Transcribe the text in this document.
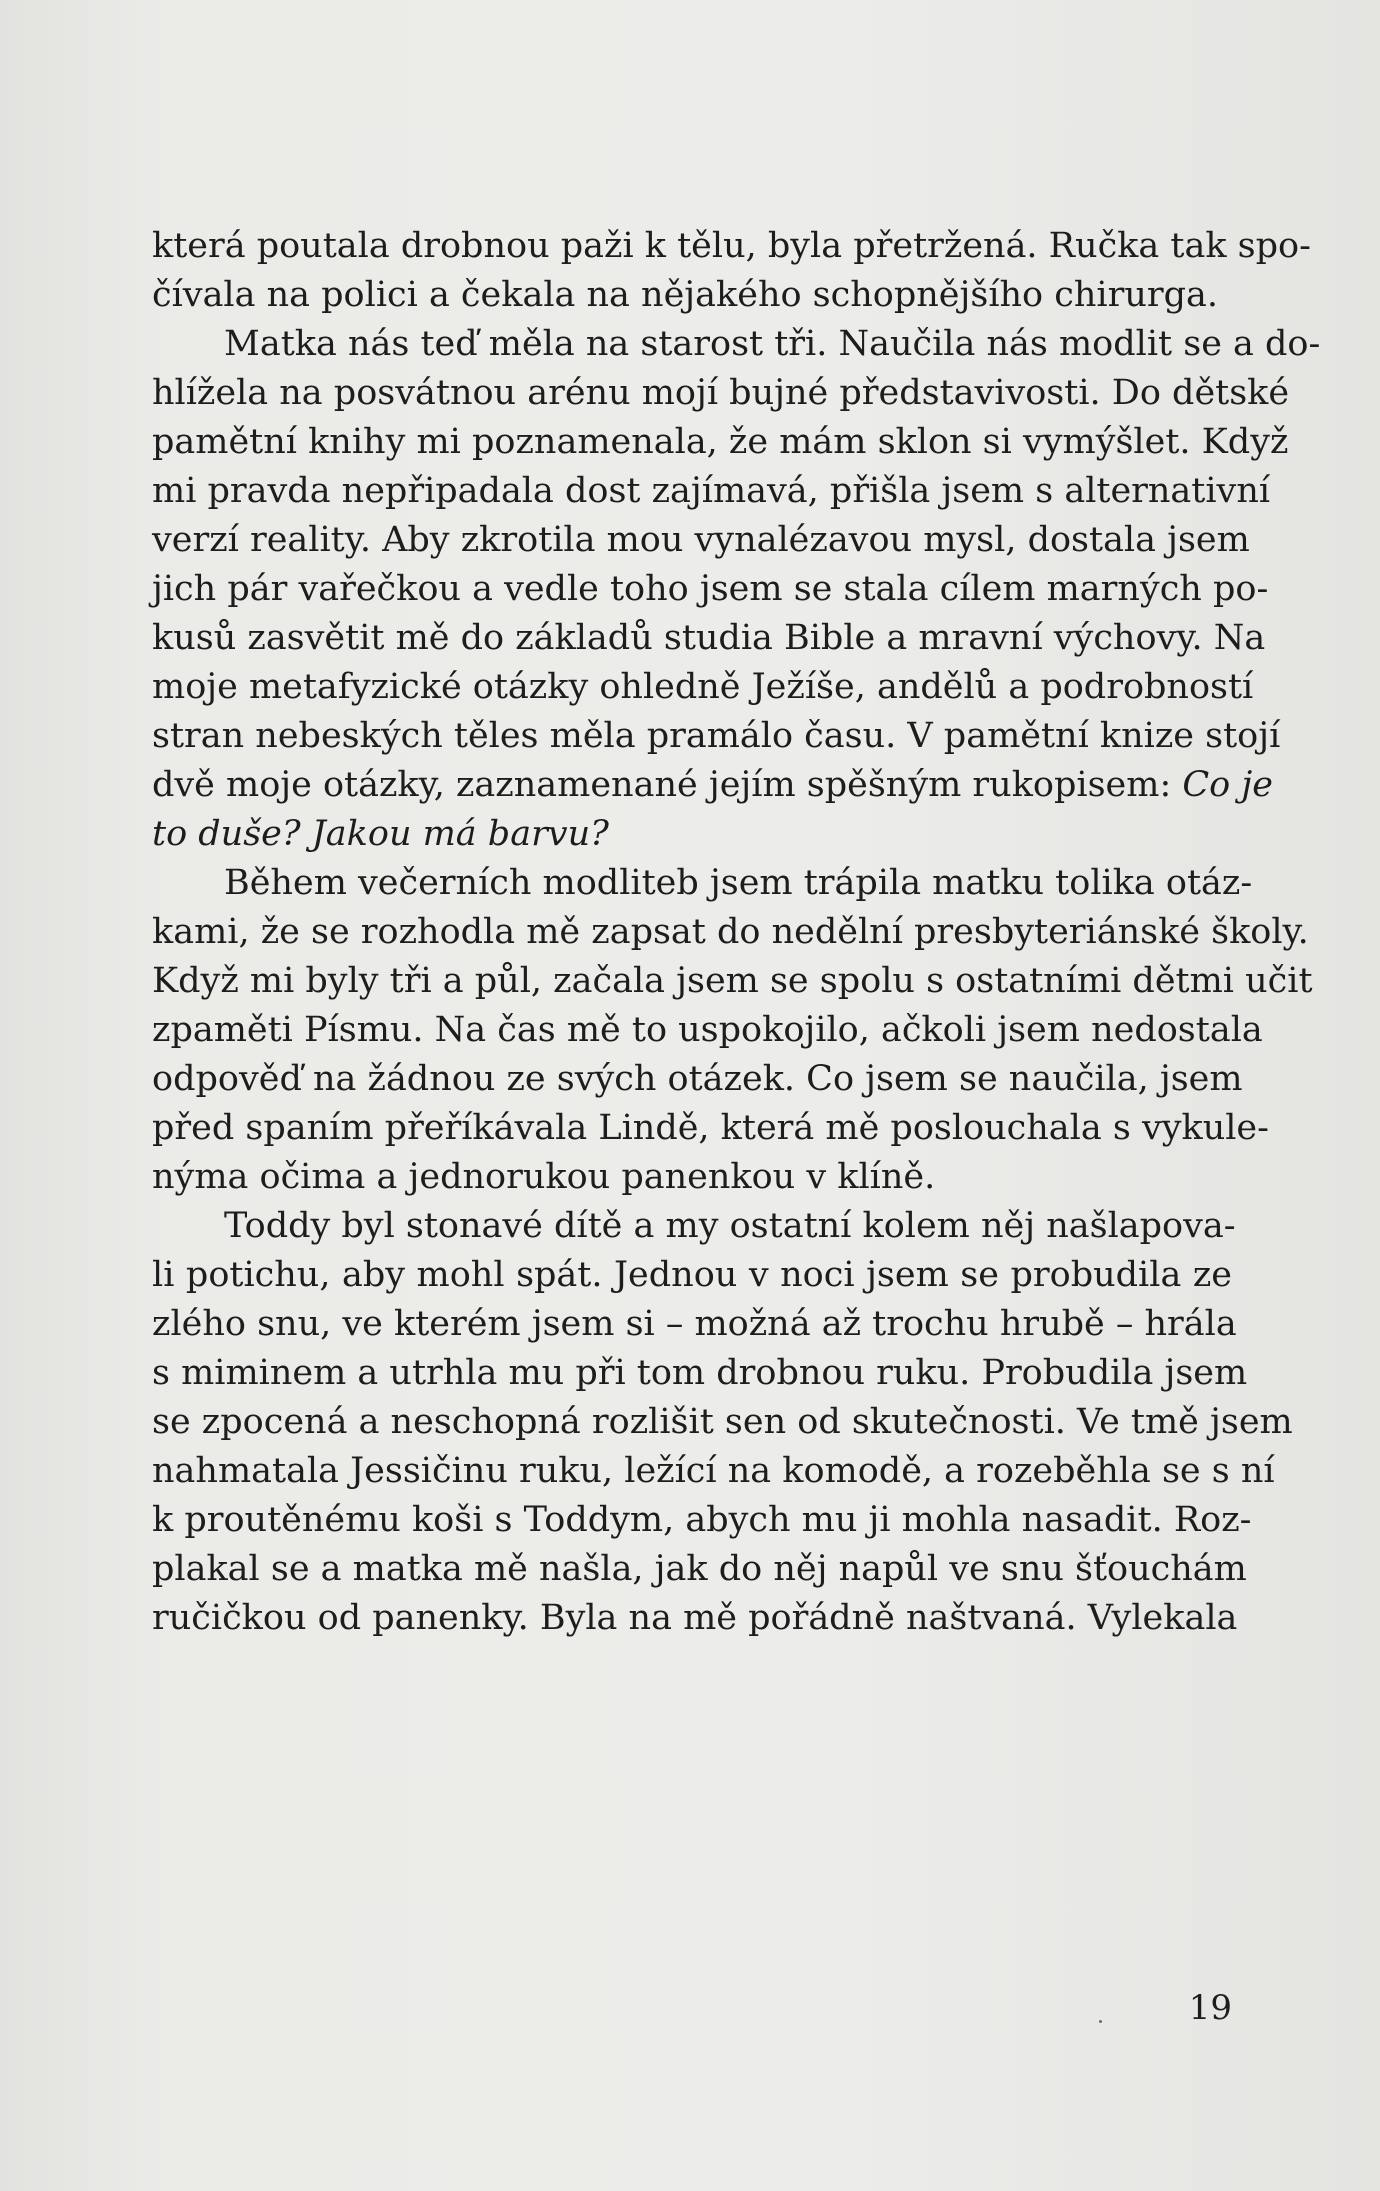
která poutala drobnou paži k tělu, byla přetržená. Ručka tak spo-
čívala na polici a čekala na nějakého schopnějšího chirurga.
Matka nás teď měla na starost tři. Naučila nás modlit se a do-
hlížela na posvátnou arénu mojí bujné představivosti. Do dětské
pamětní knihy mi poznamenala, že mám sklon si vymýšlet. Když
mi pravda nepřipadala dost zajímavá, přišla jsem s alternativní
verzí reality. Aby zkrotila mou vynalézavou mysl, dostala jsem
jich pár vařečkou a vedle toho jsem se stala cílem marných po-
kusů zasvětit mě do základů studia Bible a mravní výchovy. Na
moje metafyzické otázky ohledně Ježíše, andělů a podrobností
stran nebeských těles měla pramálo času. V pamětní knize stojí
dvě moje otázky, zaznamenané jejím spěšným rukopisem: Co je
to duše? Jakou má barvu?
Během večerních modliteb jsem trápila matku tolika otáz-
kami, že se rozhodla mě zapsat do nedělní presbyteriánské školy.
Když mi byly tři a půl, začala jsem se spolu s ostatními dětmi učit
zpaměti Písmu. Na čas mě to uspokojilo, ačkoli jsem nedostala
odpověď na žádnou ze svých otázek. Co jsem se naučila, jsem
před spaním přeříkávala Lindě, která mě poslouchala s vykule-
nýma očima a jednorukou panenkou v klíně.
Toddy byl stonavé dítě a my ostatní kolem něj našlapova-
li potichu, aby mohl spát. Jednou v noci jsem se probudila ze
zlého snu, ve kterém jsem si – možná až trochu hrubě – hrála
s miminem a utrhla mu při tom drobnou ruku. Probudila jsem
se zpocená a neschopná rozlišit sen od skutečnosti. Ve tmě jsem
nahmatala Jessičinu ruku, ležící na komodě, a rozeběhla se s ní
k proutěnému koši s Toddym, abych mu ji mohla nasadit. Roz-
plakal se a matka mě našla, jak do něj napůl ve snu šťouchám
ručičkou od panenky. Byla na mě pořádně naštvaná. Vylekala
19
